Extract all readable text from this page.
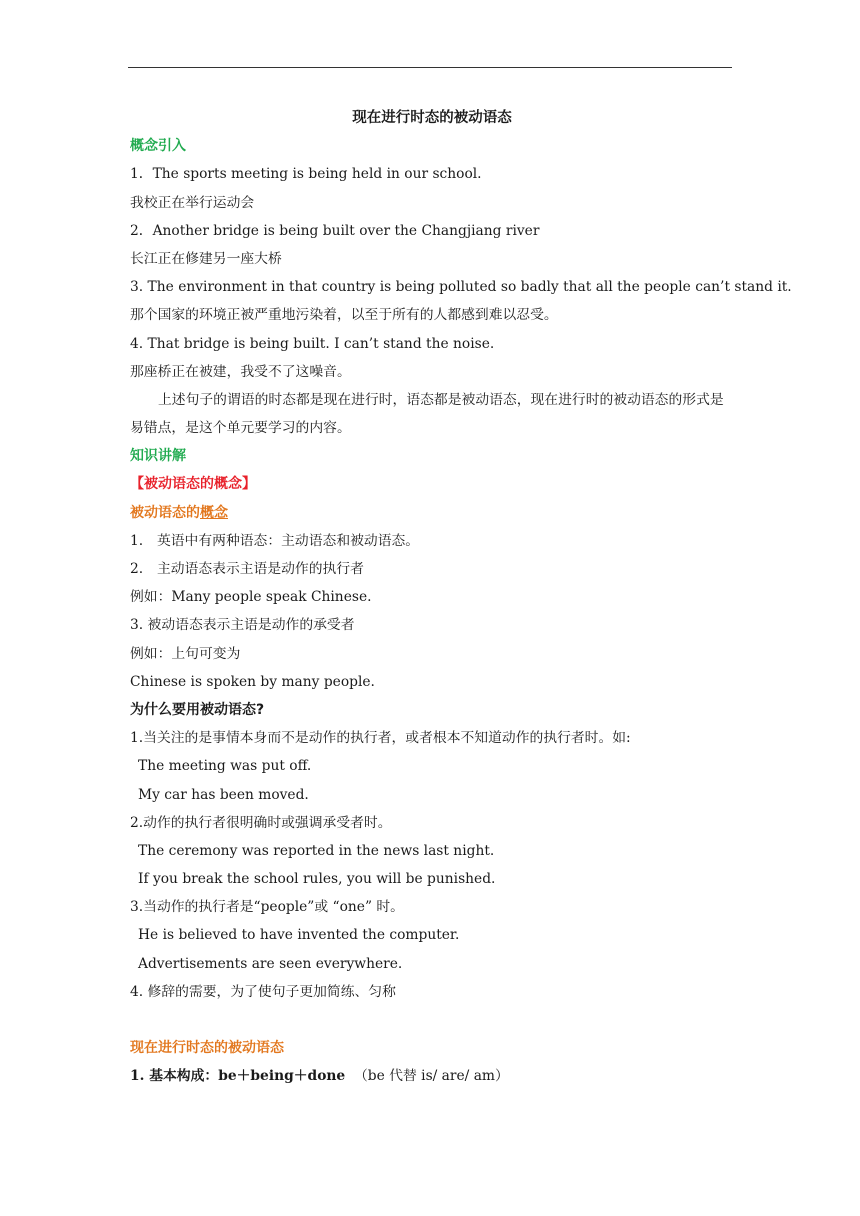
现在进行时态的被动语态
概念引入
1．The sports meeting is being held in our school.
我校正在举行运动会
2．Another bridge is being built over the Changjiang river
长江正在修建另一座大桥
3. The environment in that country is being polluted so badly that all the people can’t stand it.
那个国家的环境正被严重地污染着，以至于所有的人都感到难以忍受。
4. That bridge is being built. I can’t stand the noise.
那座桥正在被建，我受不了这噪音。
上述句子的谓语的时态都是现在进行时，语态都是被动语态，现在进行时的被动语态的形式是易错点，是这个单元要学习的内容。
知识讲解
【被动语态的概念】
被动语态的概念
1.　英语中有两种语态：主动语态和被动语态。
2.　主动语态表示主语是动作的执行者
例如：Many people speak Chinese.
3. 被动语态表示主语是动作的承受者
例如：上句可变为
Chinese is spoken by many people.
为什么要用被动语态?
1.当关注的是事情本身而不是动作的执行者，或者根本不知道动作的执行者时。如:
The meeting was put off.
My car has been moved.
2.动作的执行者很明确时或强调承受者时。
The ceremony was reported in the news last night.
If you break the school rules, you will be punished.
3.当动作的执行者是“people”或 “one” 时。
He is believed to have invented the computer.
Advertisements are seen everywhere.
4. 修辞的需要，为了使句子更加简练、匀称
现在进行时态的被动语态
1. 基本构成：be＋being＋done （be 代替 is/ are/ am）
